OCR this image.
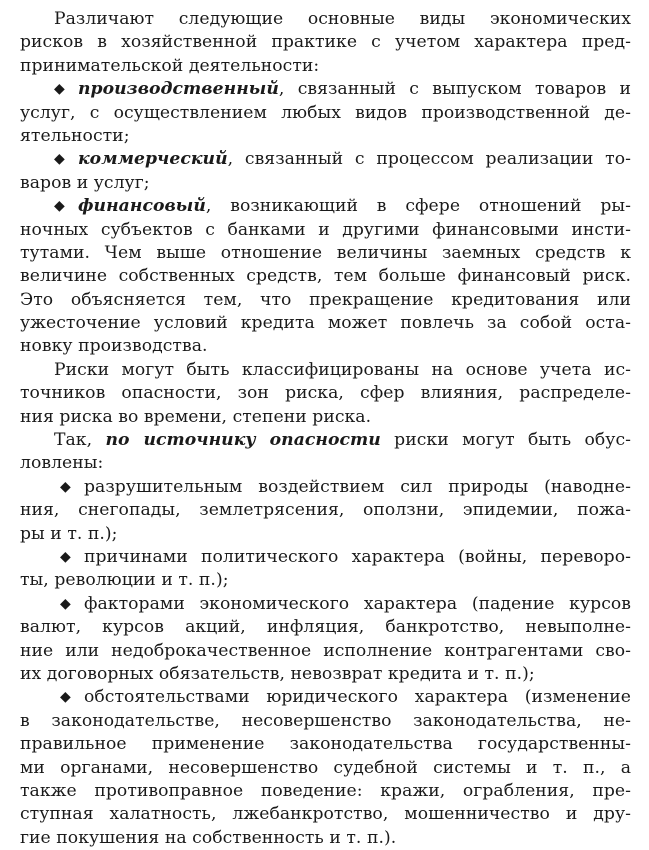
Различают следующие основные виды экономических
рисков в хозяйственной практике с учетом характера пред-
принимательской деятельности:
◆ производственный, связанный с выпуском товаров и
услуг, с осуществлением любых видов производственной де-
ятельности;
◆ коммерческий, связанный с процессом реализации то-
варов и услуг;
◆ финансовый, возникающий в сфере отношений ры-
ночных субъектов с банками и другими финансовыми инсти-
тутами. Чем выше отношение величины заемных средств к
величине собственных средств, тем больше финансовый риск.
Это объясняется тем, что прекращение кредитования или
ужесточение условий кредита может повлечь за собой оста-
новку производства.
Риски могут быть классифицированы на основе учета ис-
точников опасности, зон риска, сфер влияния, распределе-
ния риска во времени, степени риска.
Так, по источнику опасности риски могут быть обус-
ловлены:
◆ разрушительным воздействием сил природы (наводне-
ния, снегопады, землетрясения, оползни, эпидемии, пожа-
ры и т. п.);
◆ причинами политического характера (войны, переворо-
ты, революции и т. п.);
◆ факторами экономического характера (падение курсов
валют, курсов акций, инфляция, банкротство, невыполне-
ние или недоброкачественное исполнение контрагентами сво-
их договорных обязательств, невозврат кредита и т. п.);
◆ обстоятельствами юридического характера (изменение
в законодательстве, несовершенство законодательства, не-
правильное применение законодательства государственны-
ми органами, несовершенство судебной системы и т. п., а
также противоправное поведение: кражи, ограбления, пре-
ступная халатность, лжебанкротство, мошенничество и дру-
гие покушения на собственность и т. п.).
